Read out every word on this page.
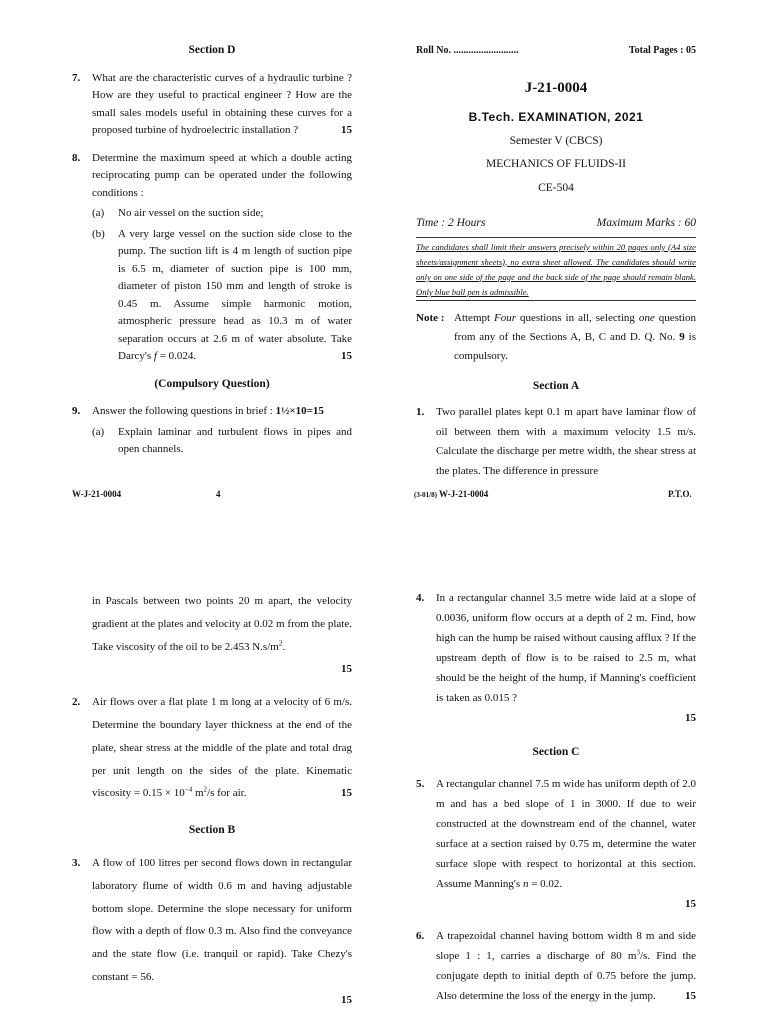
Section D

7. What are the characteristic curves of a hydraulic turbine ? How are they useful to practical engineer ? How are the small sales models useful in obtaining these curves for a proposed turbine of hydroelectric installation ?	15
8. Determine the maximum speed at which a double acting reciprocating pump can be operated under the following conditions :
(a) No air vessel on the suction side;
(b) A very large vessel on the suction side close to the pump. The suction lift is 4 m length of suction pipe is 6.5 m, diameter of suction pipe is 100 mm, diameter of piston 150 mm and length of stroke is 0.45 m. Assume simple harmonic motion, atmospheric pressure head as 10.3 m of water separation occurs at 2.6 m of water absolute. Take Darcy's f = 0.024.	15

(Compulsory Question)

9. Answer the following questions in brief : 1½×10=15
(a) Explain laminar and turbulent flows in pipes and open channels.
W-J-21-0004	4
Roll No. ..........................	Total Pages : 05
J-21-0004
B.Tech. EXAMINATION, 2021
Semester V (CBCS)
MECHANICS OF FLUIDS-II
CE-504
Time : 2 Hours	Maximum Marks : 60
The candidates shall limit their answers precisely within 20 pages only (A4 size sheets/assignment sheets), no extra sheet allowed. The candidates should write only on one side of the page and the back side of the page should remain blank. Only blue ball pen is admissible.
Note : Attempt Four questions in all, selecting one question from any of the Sections A, B, C and D. Q. No. 9 is compulsory.

Section A

1. Two parallel plates kept 0.1 m apart have laminar flow of oil between them with a maximum velocity 1.5 m/s. Calculate the discharge per metre width, the shear stress at the plates. The difference in pressure
(3-01/8) W-J-21-0004	P.T.O.
in Pascals between two points 20 m apart, the velocity gradient at the plates and velocity at 0.02 m from the plate. Take viscosity of the oil to be 2.453 $N.s/m^2$.
15
2. Air flows over a flat plate 1 m long at a velocity of 6 m/s. Determine the boundary layer thickness at the end of the plate, shear stress at the middle of the plate and total drag per unit length on the sides of the plate. Kinematic viscosity = $0.15 \times 10^{-4}$ $m^2/s$ for air.	15

Section B

3. A flow of 100 litres per second flows down in rectangular laboratory flume of width 0.6 m and having adjustable bottom slope. Determine the slope necessary for uniform flow with a depth of flow 0.3 m. Also find the conveyance and the state flow (i.e. tranquil or rapid). Take Chezy's constant = 56.
15
4. In a rectangular channel 3.5 metre wide laid at a slope of 0.0036, uniform flow occurs at a depth of 2 m. Find, how high can the hump be raised without causing afflux ? If the upstream depth of flow is to be raised to 2.5 m, what should be the height of the hump, if Manning's coefficient is taken as 0.015 ?
15

Section C

5. A rectangular channel 7.5 m wide has uniform depth of 2.0 m and has a bed slope of 1 in 3000. If due to weir constructed at the downstream end of the channel, water surface at a section raised by 0.75 m, determine the water surface slope with respect to horizontal at this section. Assume Manning's n = 0.02.
15
6. A trapezoidal channel having bottom width 8 m and side slope 1 : 1, carries a discharge of 80 $m^3/s$. Find the conjugate depth to initial depth of 0.75 before the jump. Also determine the loss of the energy in the jump.	15
